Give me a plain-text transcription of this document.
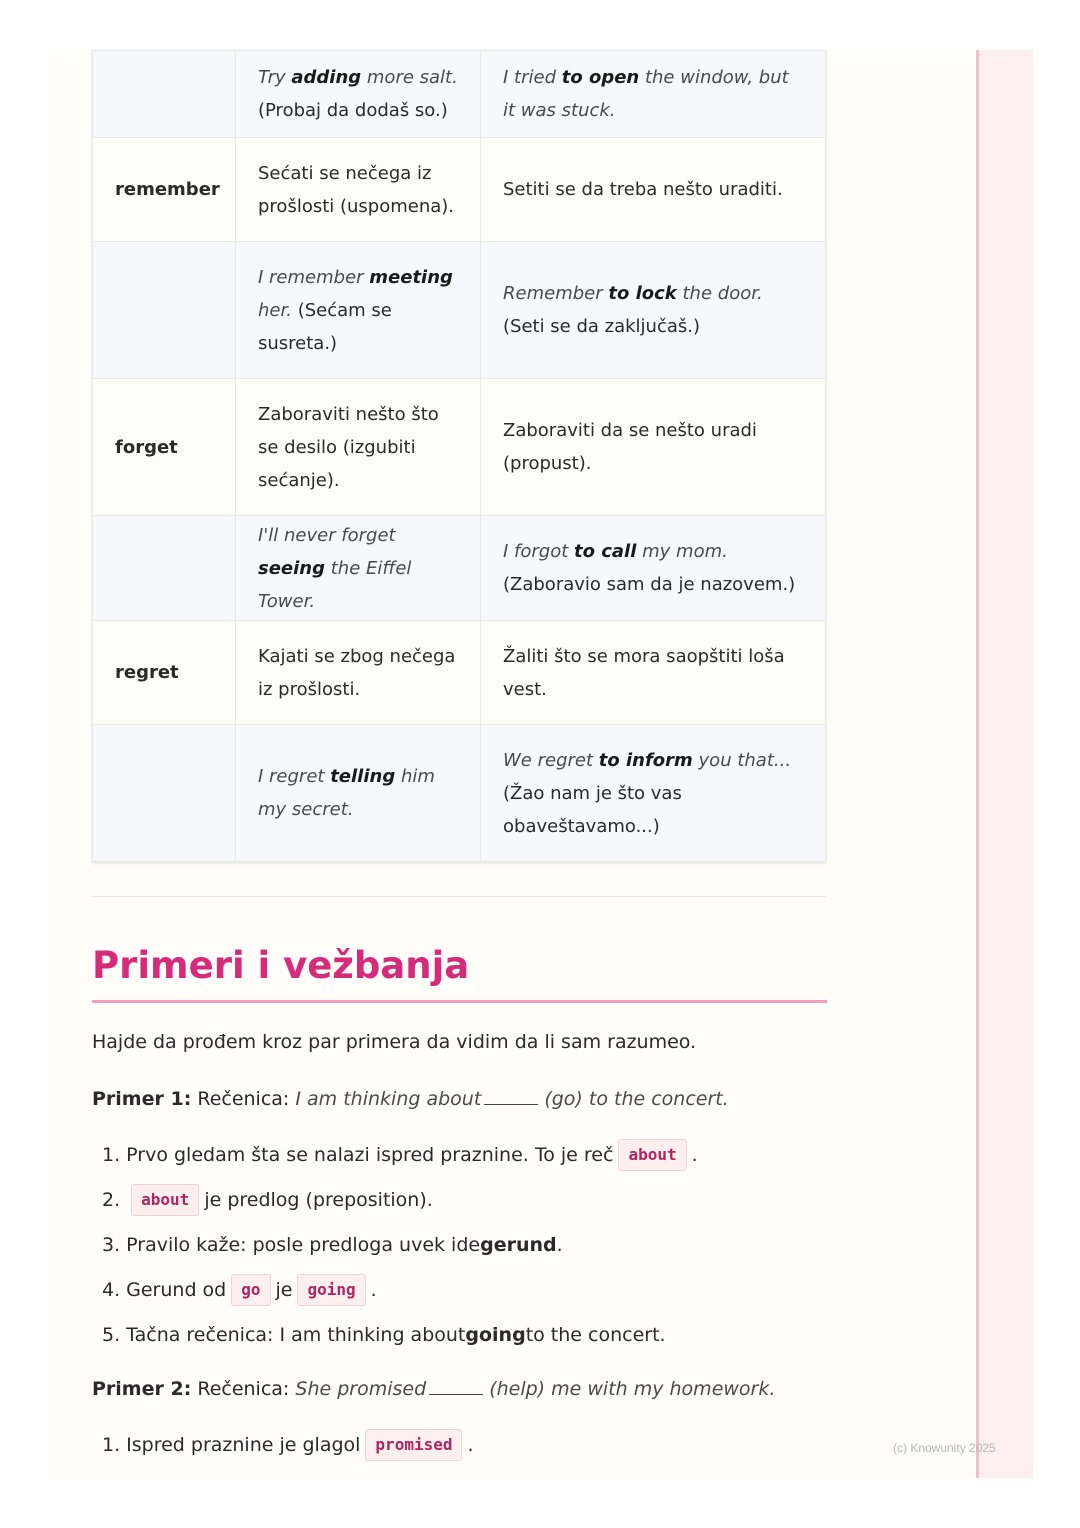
	Try adding more salt. (Probaj da dodaš so.)	I tried to open the window, but it was stuck.
remember	Sećati se nečega iz prošlosti (uspomena).	Setiti se da treba nešto uraditi.
	I remember meeting her. (Sećam se susreta.)	Remember to lock the door. (Seti se da zaključaš.)
forget	Zaboraviti nešto što se desilo (izgubiti sećanje).	Zaboraviti da se nešto uradi (propust).
	I'll never forget seeing the Eiffel Tower.	I forgot to call my mom. (Zaboravio sam da je nazovem.)
regret	Kajati se zbog nečega iz prošlosti.	Žaliti što se mora saopštiti loša vest.
	I regret telling him my secret.	We regret to inform you that... (Žao nam je što vas obaveštavamo...)
Primeri i vežbanja

Hajde da prođem kroz par primera da vidim da li sam razumeo.

Primer 1: Rečenica: I am thinking about	(go) to the concert.

1. Prvo gledam šta se nalazi ispred praznine. To je reč about .
2.	about je predlog (preposition).
3. Pravilo kaže: posle predloga uvek ide gerund .
4. Gerund od go je going .
5. Tačna rečenica: I am thinking about going to the concert.

Primer 2: Rečenica: She promised	(help) me with my homework.

1. Ispred praznine je glagol promised .	(c) Knowunity 2025
